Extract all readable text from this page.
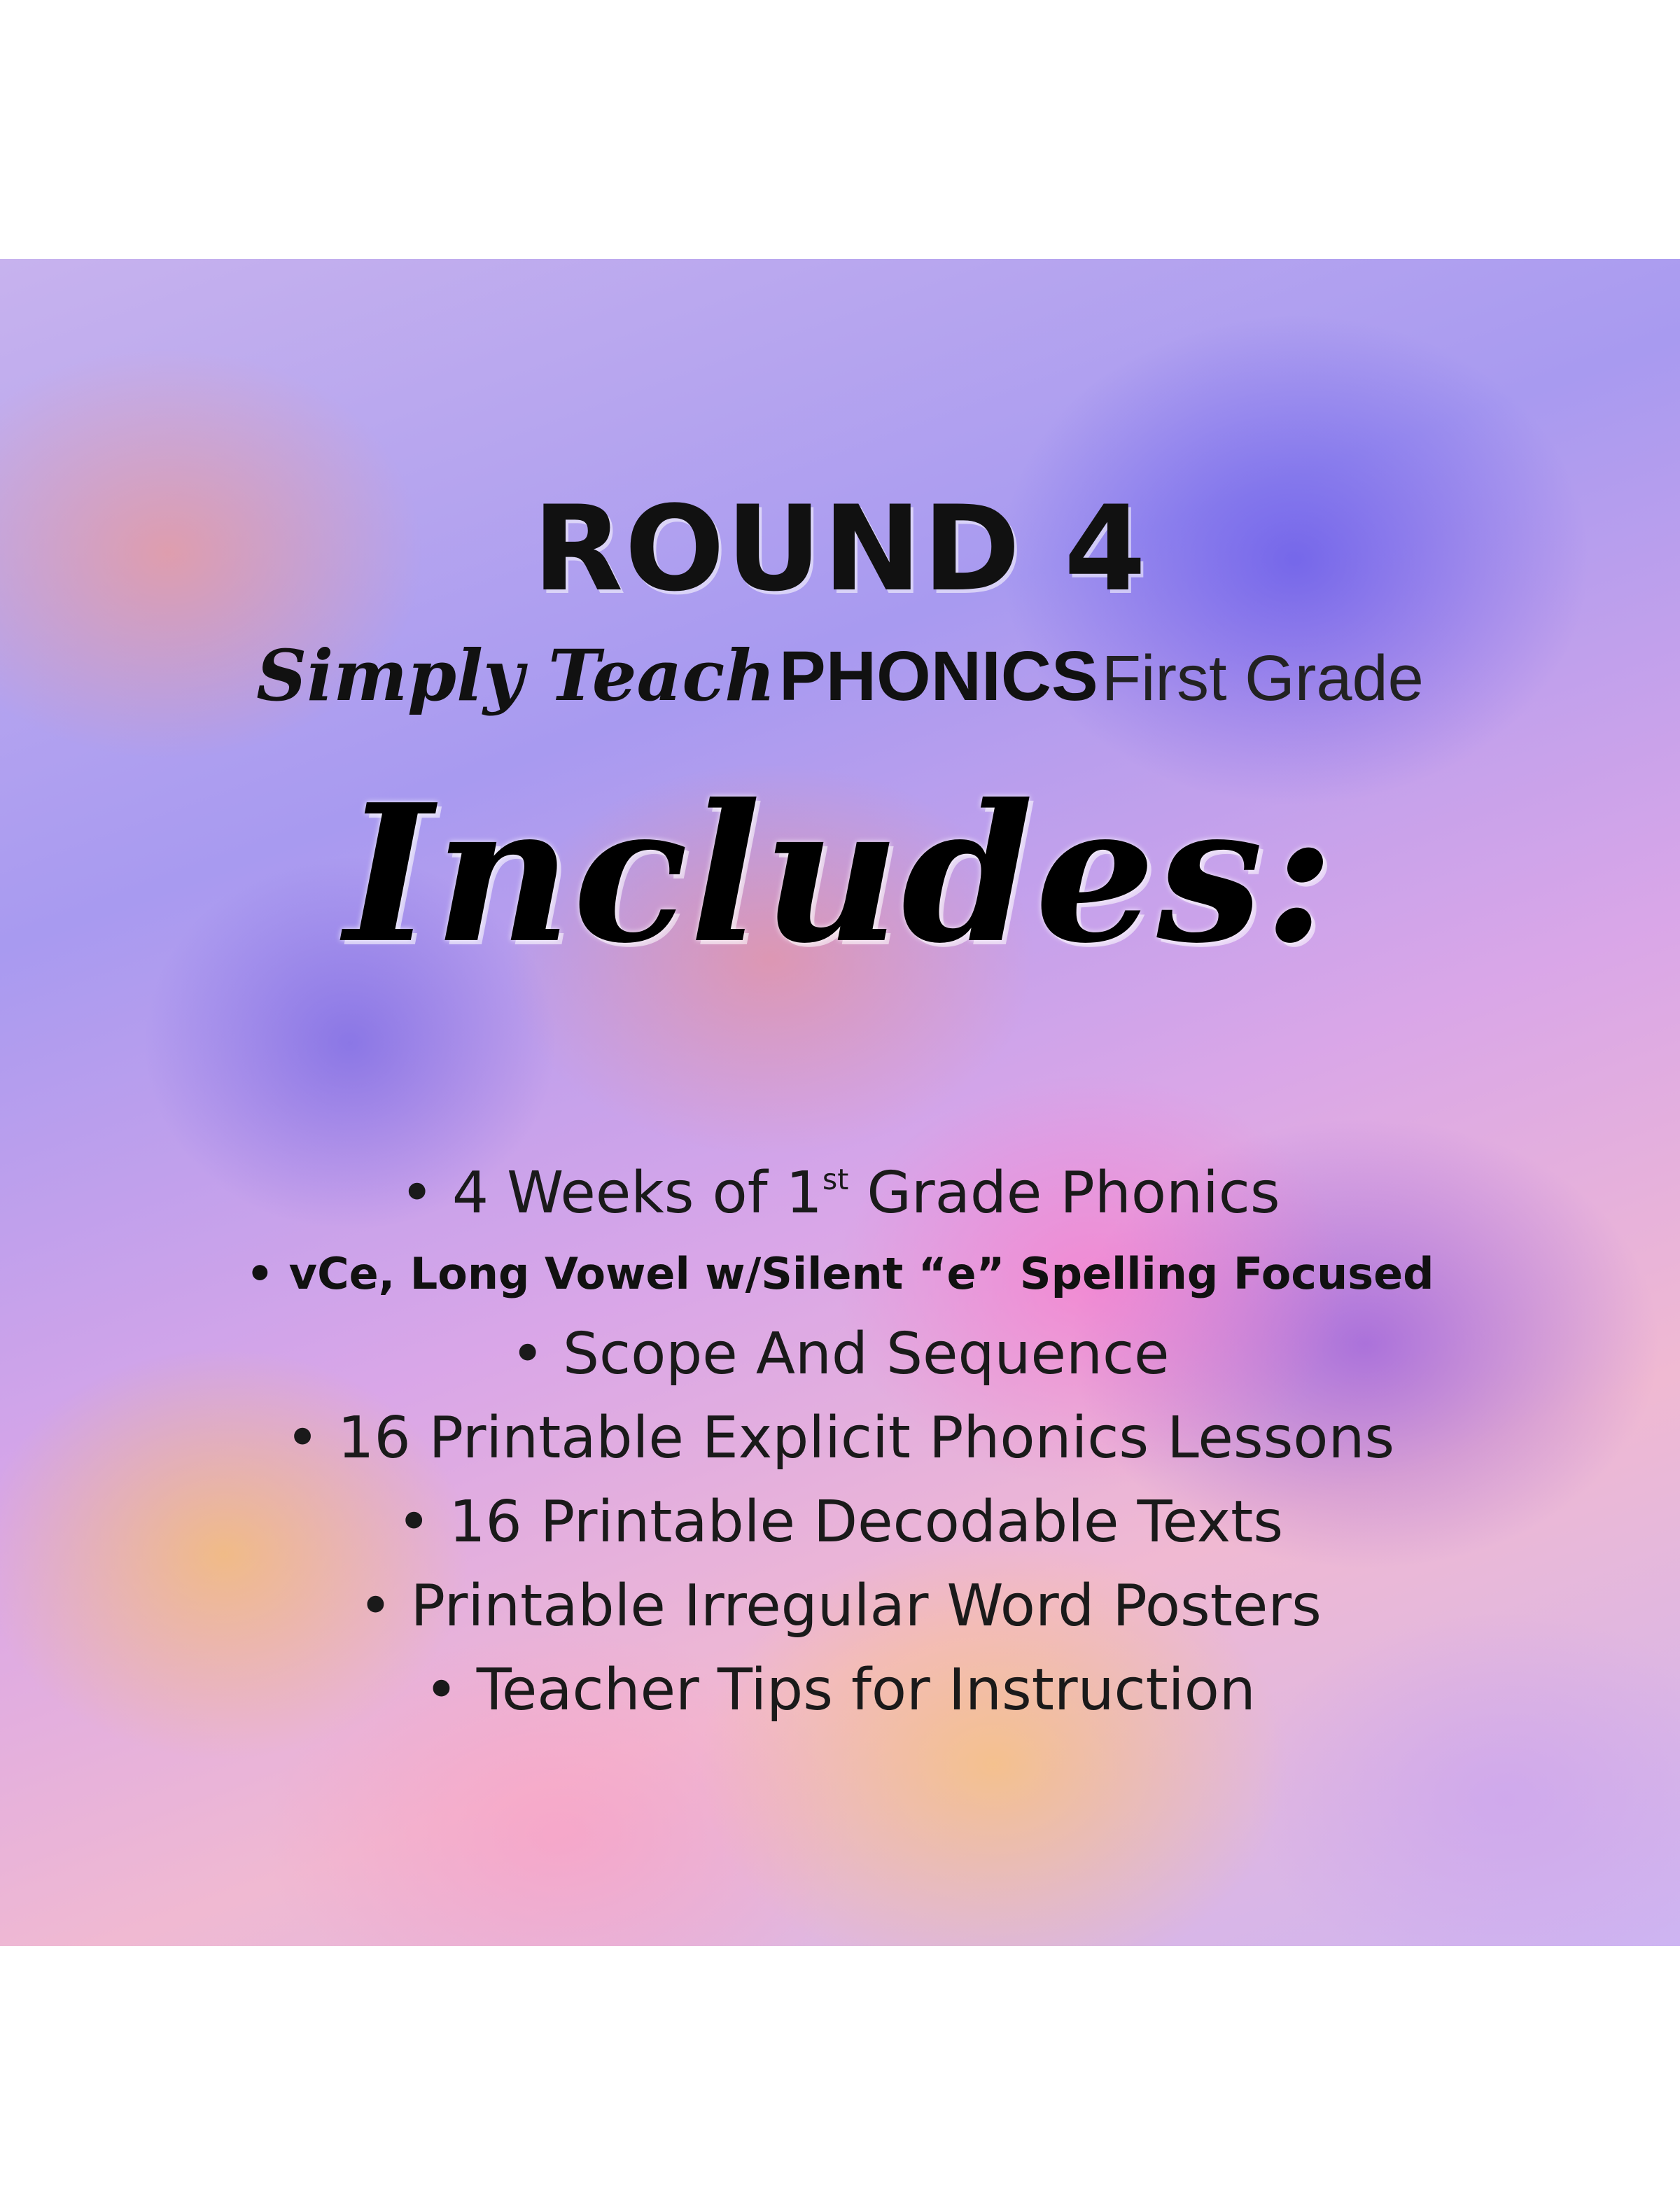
ROUND 4
Simply Teach PHONICS First Grade
Includes:
• 4 Weeks of 1st Grade Phonics
• vCe, Long Vowel w/Silent “e” Spelling Focused
• Scope And Sequence
• 16 Printable Explicit Phonics Lessons
• 16 Printable Decodable Texts
• Printable Irregular Word Posters
• Teacher Tips for Instruction
